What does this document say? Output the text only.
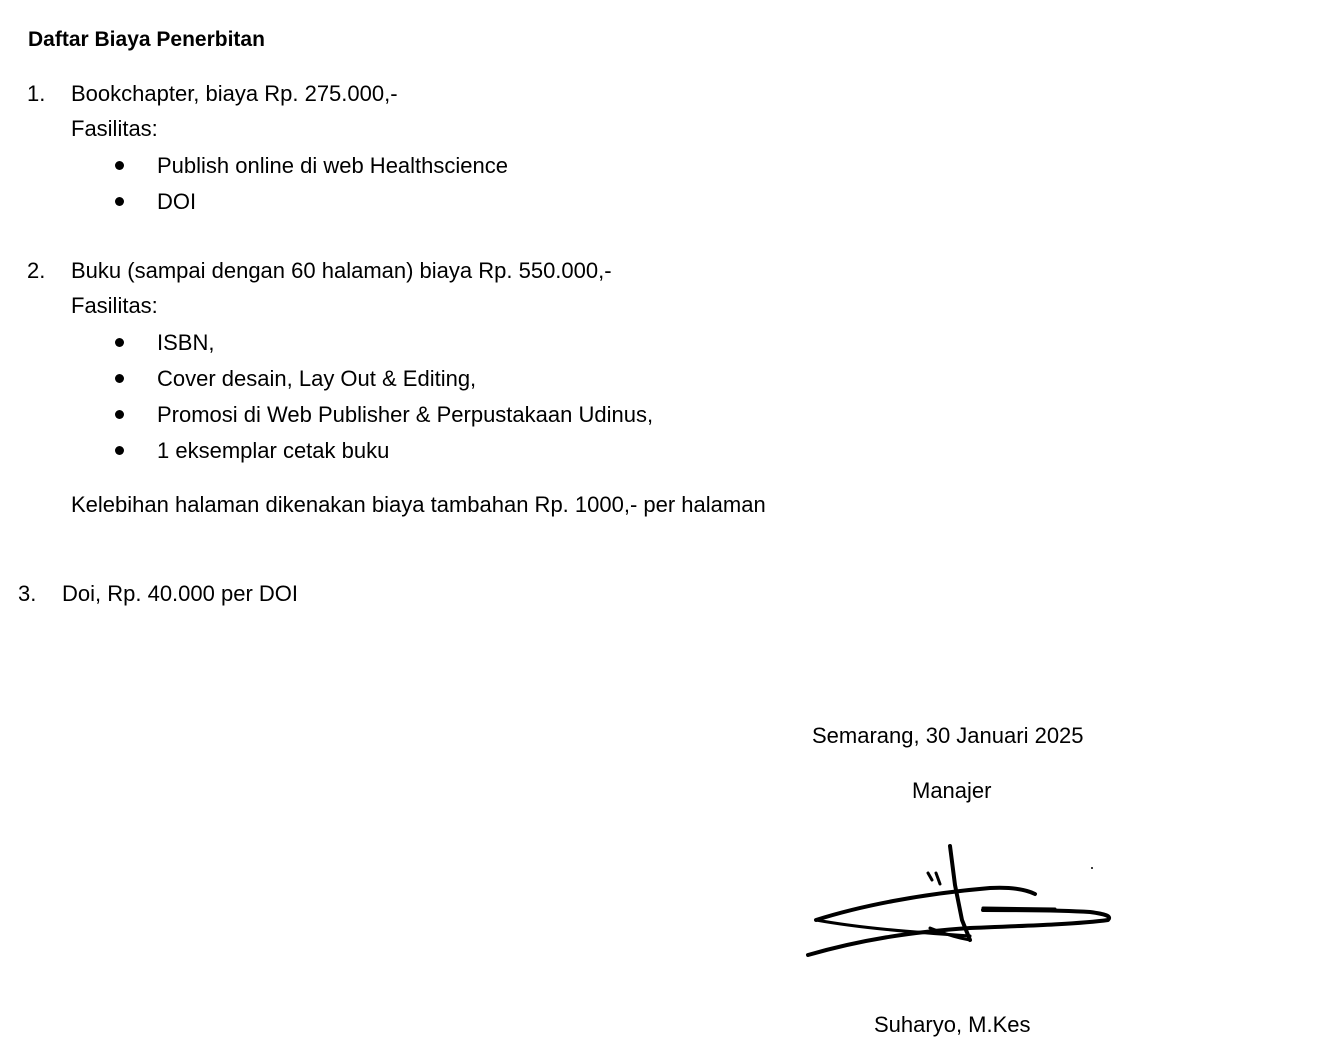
Daftar Biaya Penerbitan
1. Bookchapter, biaya Rp. 275.000,-
Fasilitas:
Publish online di web Healthscience
DOI
2. Buku (sampai dengan 60 halaman) biaya Rp. 550.000,-
Fasilitas:
ISBN,
Cover desain, Lay Out & Editing,
Promosi di Web Publisher & Perpustakaan Udinus,
1 eksemplar cetak buku
Kelebihan halaman dikenakan biaya tambahan Rp. 1000,- per halaman
3. Doi, Rp. 40.000 per DOI
Semarang, 30 Januari 2025
Manajer
Suharyo, M.Kes
